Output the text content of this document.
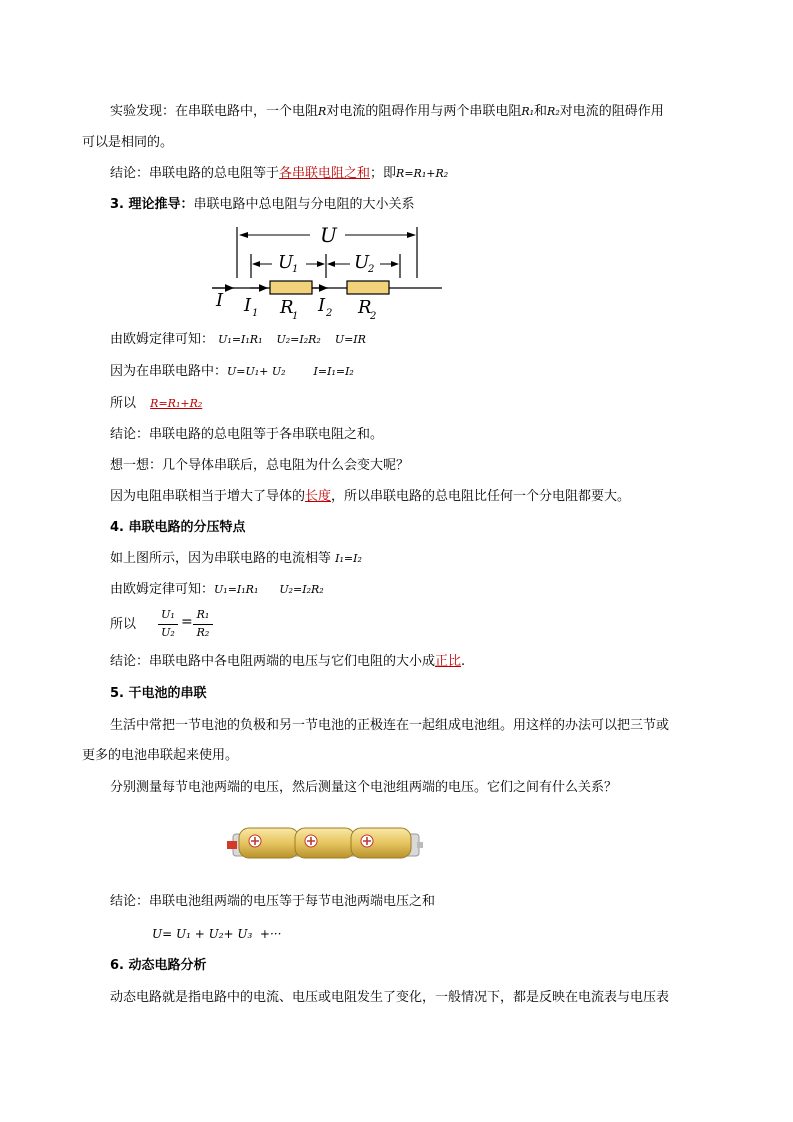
实验发现：在串联电路中，一个电阻R对电流的阻碍作用与两个串联电阻R₁和R₂对电流的阻碍作用
可以是相同的。
结论：串联电路的总电阻等于各串联电阻之和；即R=R₁+R₂
3. 理论推导：串联电路中总电阻与分电阻的大小关系
U
U
1	U
2
I I 1	I 2
R
1	R
2
由欧姆定律可知： U₁=I₁R₁    U₂=I₂R₂    U=IR
因为在串联电路中：U=U₁+ U₂        I=I₁=I₂
所以 R=R₁+R₂
结论：串联电路的总电阻等于各串联电阻之和。
想一想：几个导体串联后，总电阻为什么会变大呢？
因为电阻串联相当于增大了导体的长度，所以串联电路的总电阻比任何一个分电阻都要大。
4. 串联电路的分压特点
如上图所示，因为串联电路的电流相等 I₁=I₂
由欧姆定律可知：U₁=I₁R₁      U₂=I₂R₂
所以
U₁
U₂
= R₁
R₂
结论：串联电路中各电阻两端的电压与它们电阻的大小成正比.
5. 干电池的串联
生活中常把一节电池的负极和另一节电池的正极连在一起组成电池组。用这样的办法可以把三节或
更多的电池串联起来使用。
分别测量每节电池两端的电压，然后测量这个电池组两端的电压。它们之间有什么关系？
结论：串联电池组两端的电压等于每节电池两端电压之和
U= U₁ + U₂+ U₃  +···
6. 动态电路分析
动态电路就是指电路中的电流、电压或电阻发生了变化，一般情况下，都是反映在电流表与电压表
